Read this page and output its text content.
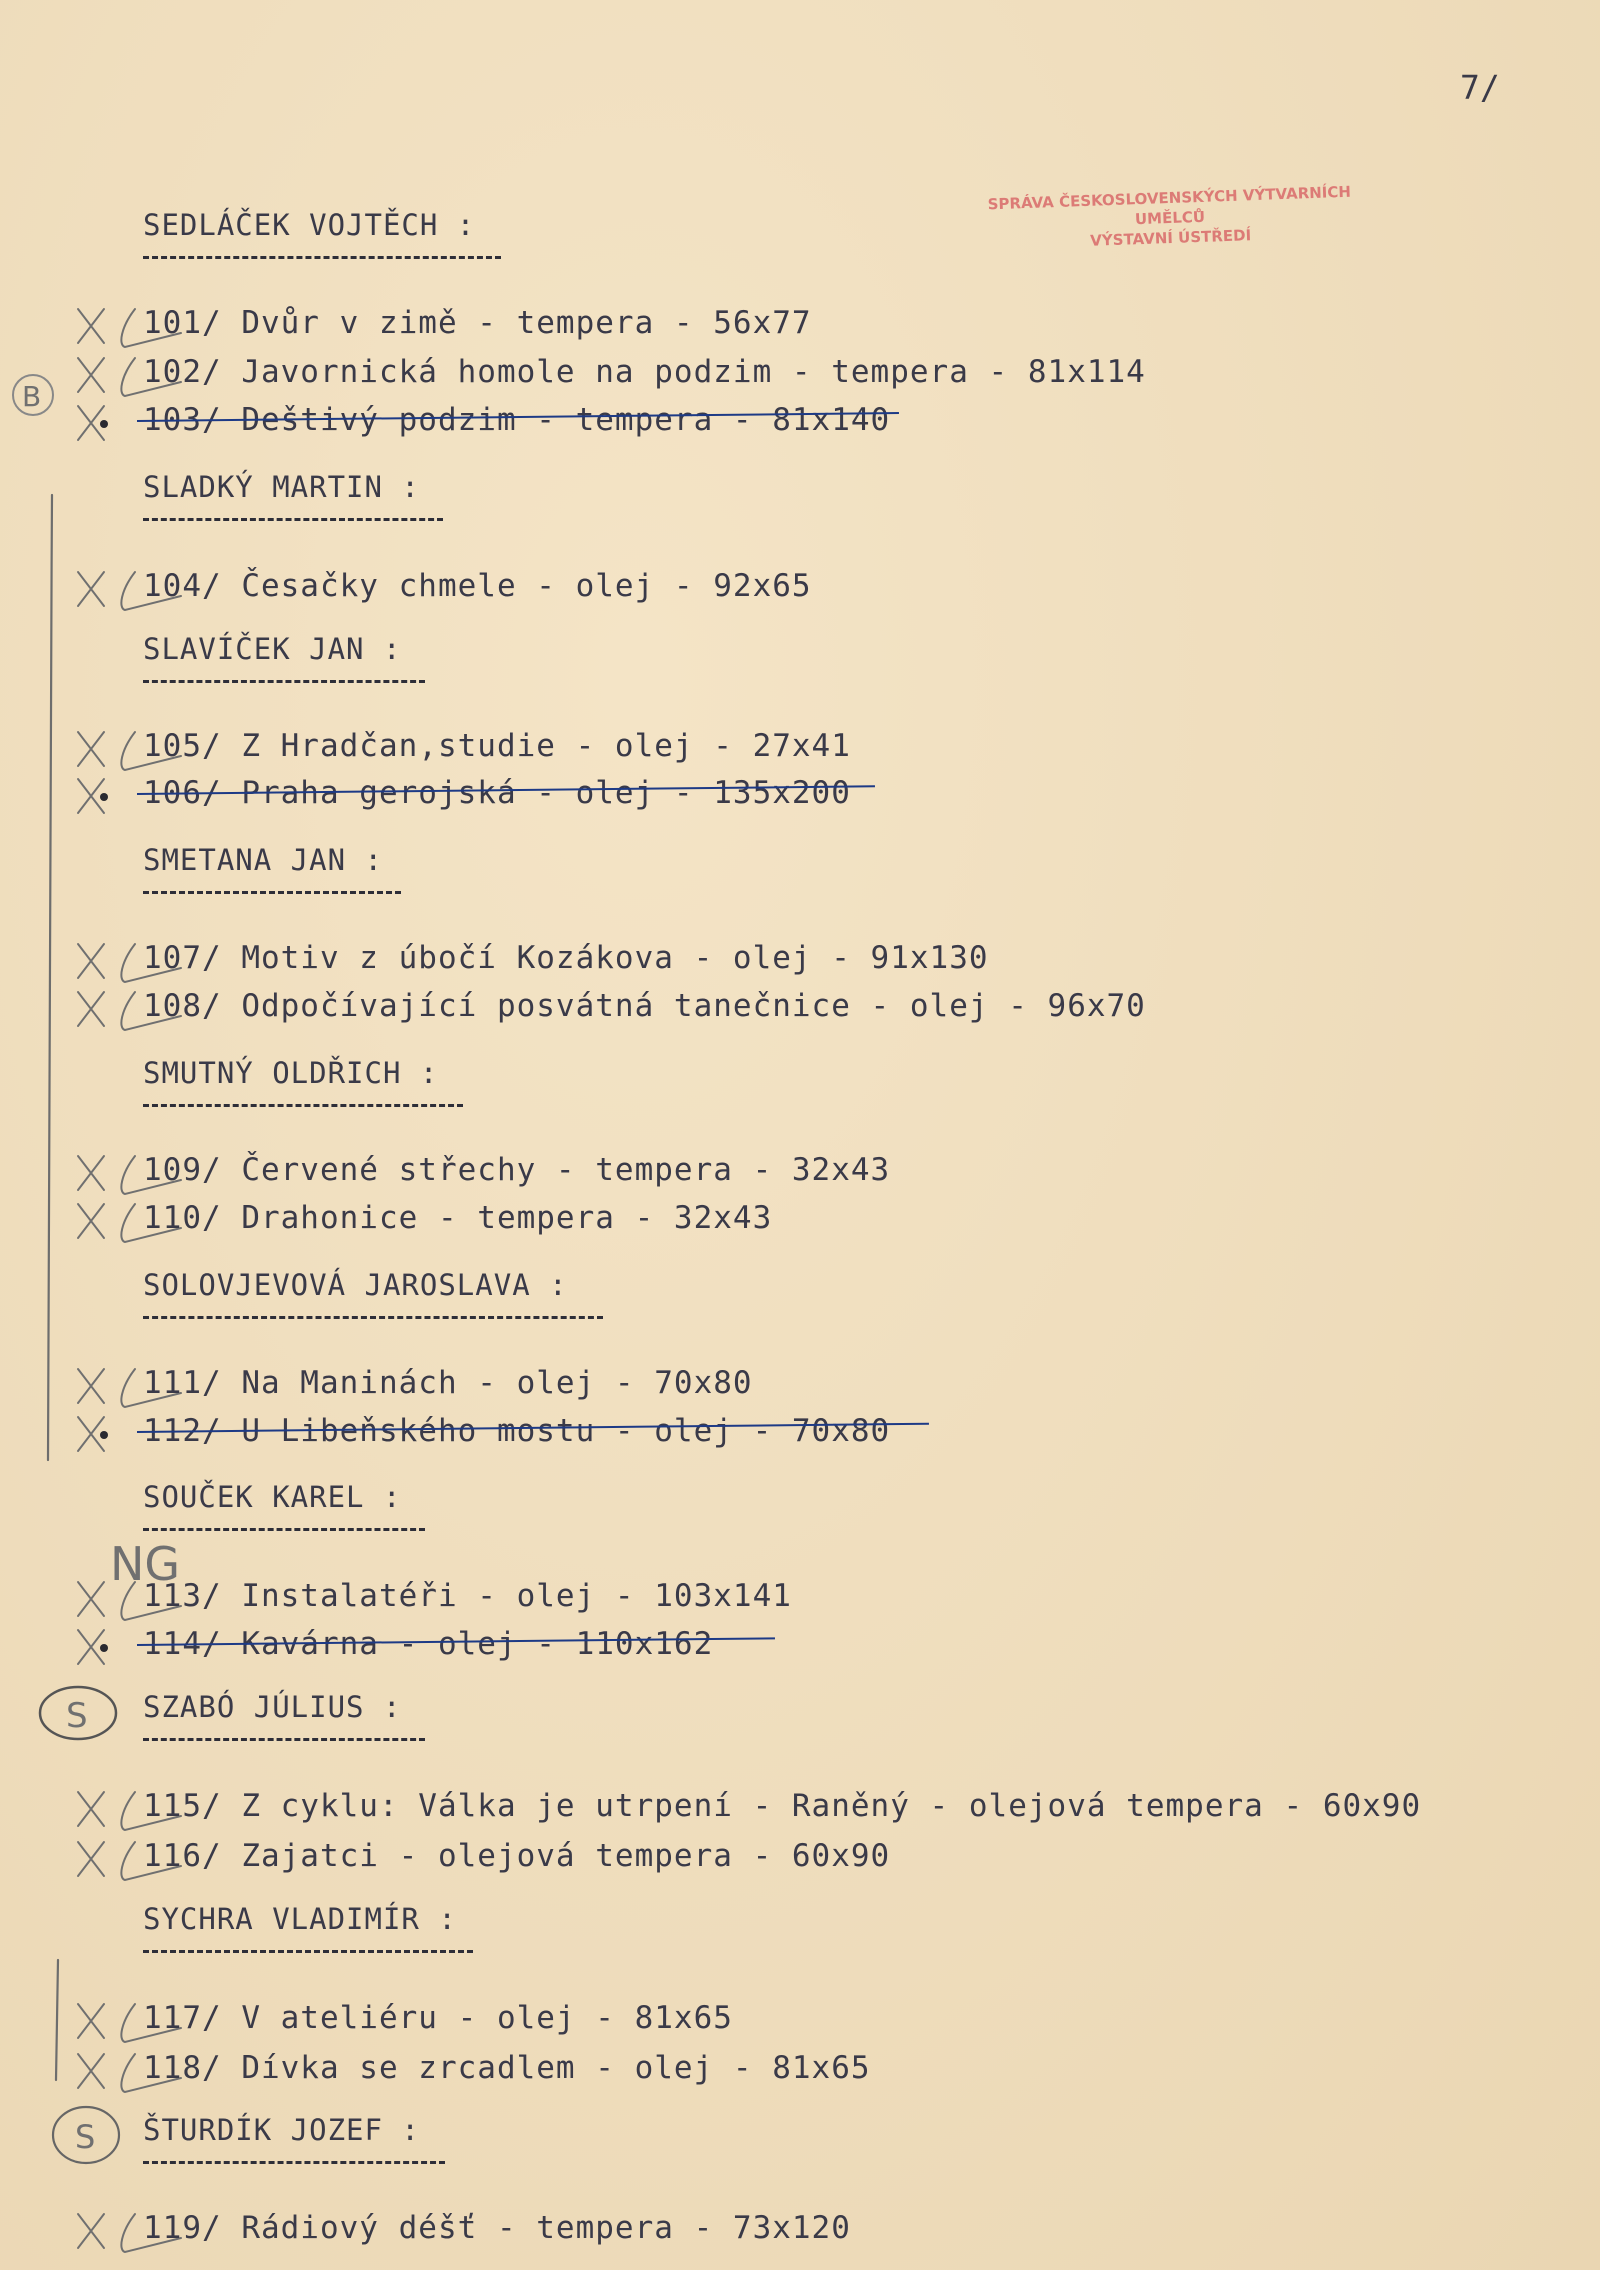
7/
SPRÁVA ČESKOSLOVENSKÝCH VÝTVARNÍCH UMĚLCŮ
VÝSTAVNÍ ÚSTŘEDÍ
B
NG
S
S
SEDLÁČEK VOJTĚCH :
101/ Dvůr v zimě - tempera - 56x77
102/ Javornická homole na podzim - tempera - 81x114
103/ Deštivý podzim - tempera - 81x140
SLADKÝ MARTIN :
104/ Česačky chmele - olej - 92x65
SLAVÍČEK JAN :
105/ Z Hradčan,studie - olej - 27x41
106/ Praha gerojská - olej - 135x200
SMETANA JAN :
107/ Motiv z úbočí Kozákova - olej - 91x130
108/ Odpočívající posvátná tanečnice - olej - 96x70
SMUTNÝ OLDŘICH :
109/ Červené střechy - tempera - 32x43
110/ Drahonice - tempera - 32x43
SOLOVJEVOVÁ JAROSLAVA :
111/ Na Maninách - olej - 70x80
112/ U Libeňského mostu - olej - 70x80
SOUČEK KAREL :
113/ Instalatéři - olej - 103x141
114/ Kavárna - olej - 110x162
SZABÓ JÚLIUS :
115/ Z cyklu: Válka je utrpení - Raněný - olejová tempera - 60x90
116/ Zajatci - olejová tempera - 60x90
SYCHRA VLADIMÍR :
117/ V ateliéru - olej - 81x65
118/ Dívka se zrcadlem - olej - 81x65
ŠTURDÍK JOZEF :
119/ Rádiový déšť - tempera - 73x120
